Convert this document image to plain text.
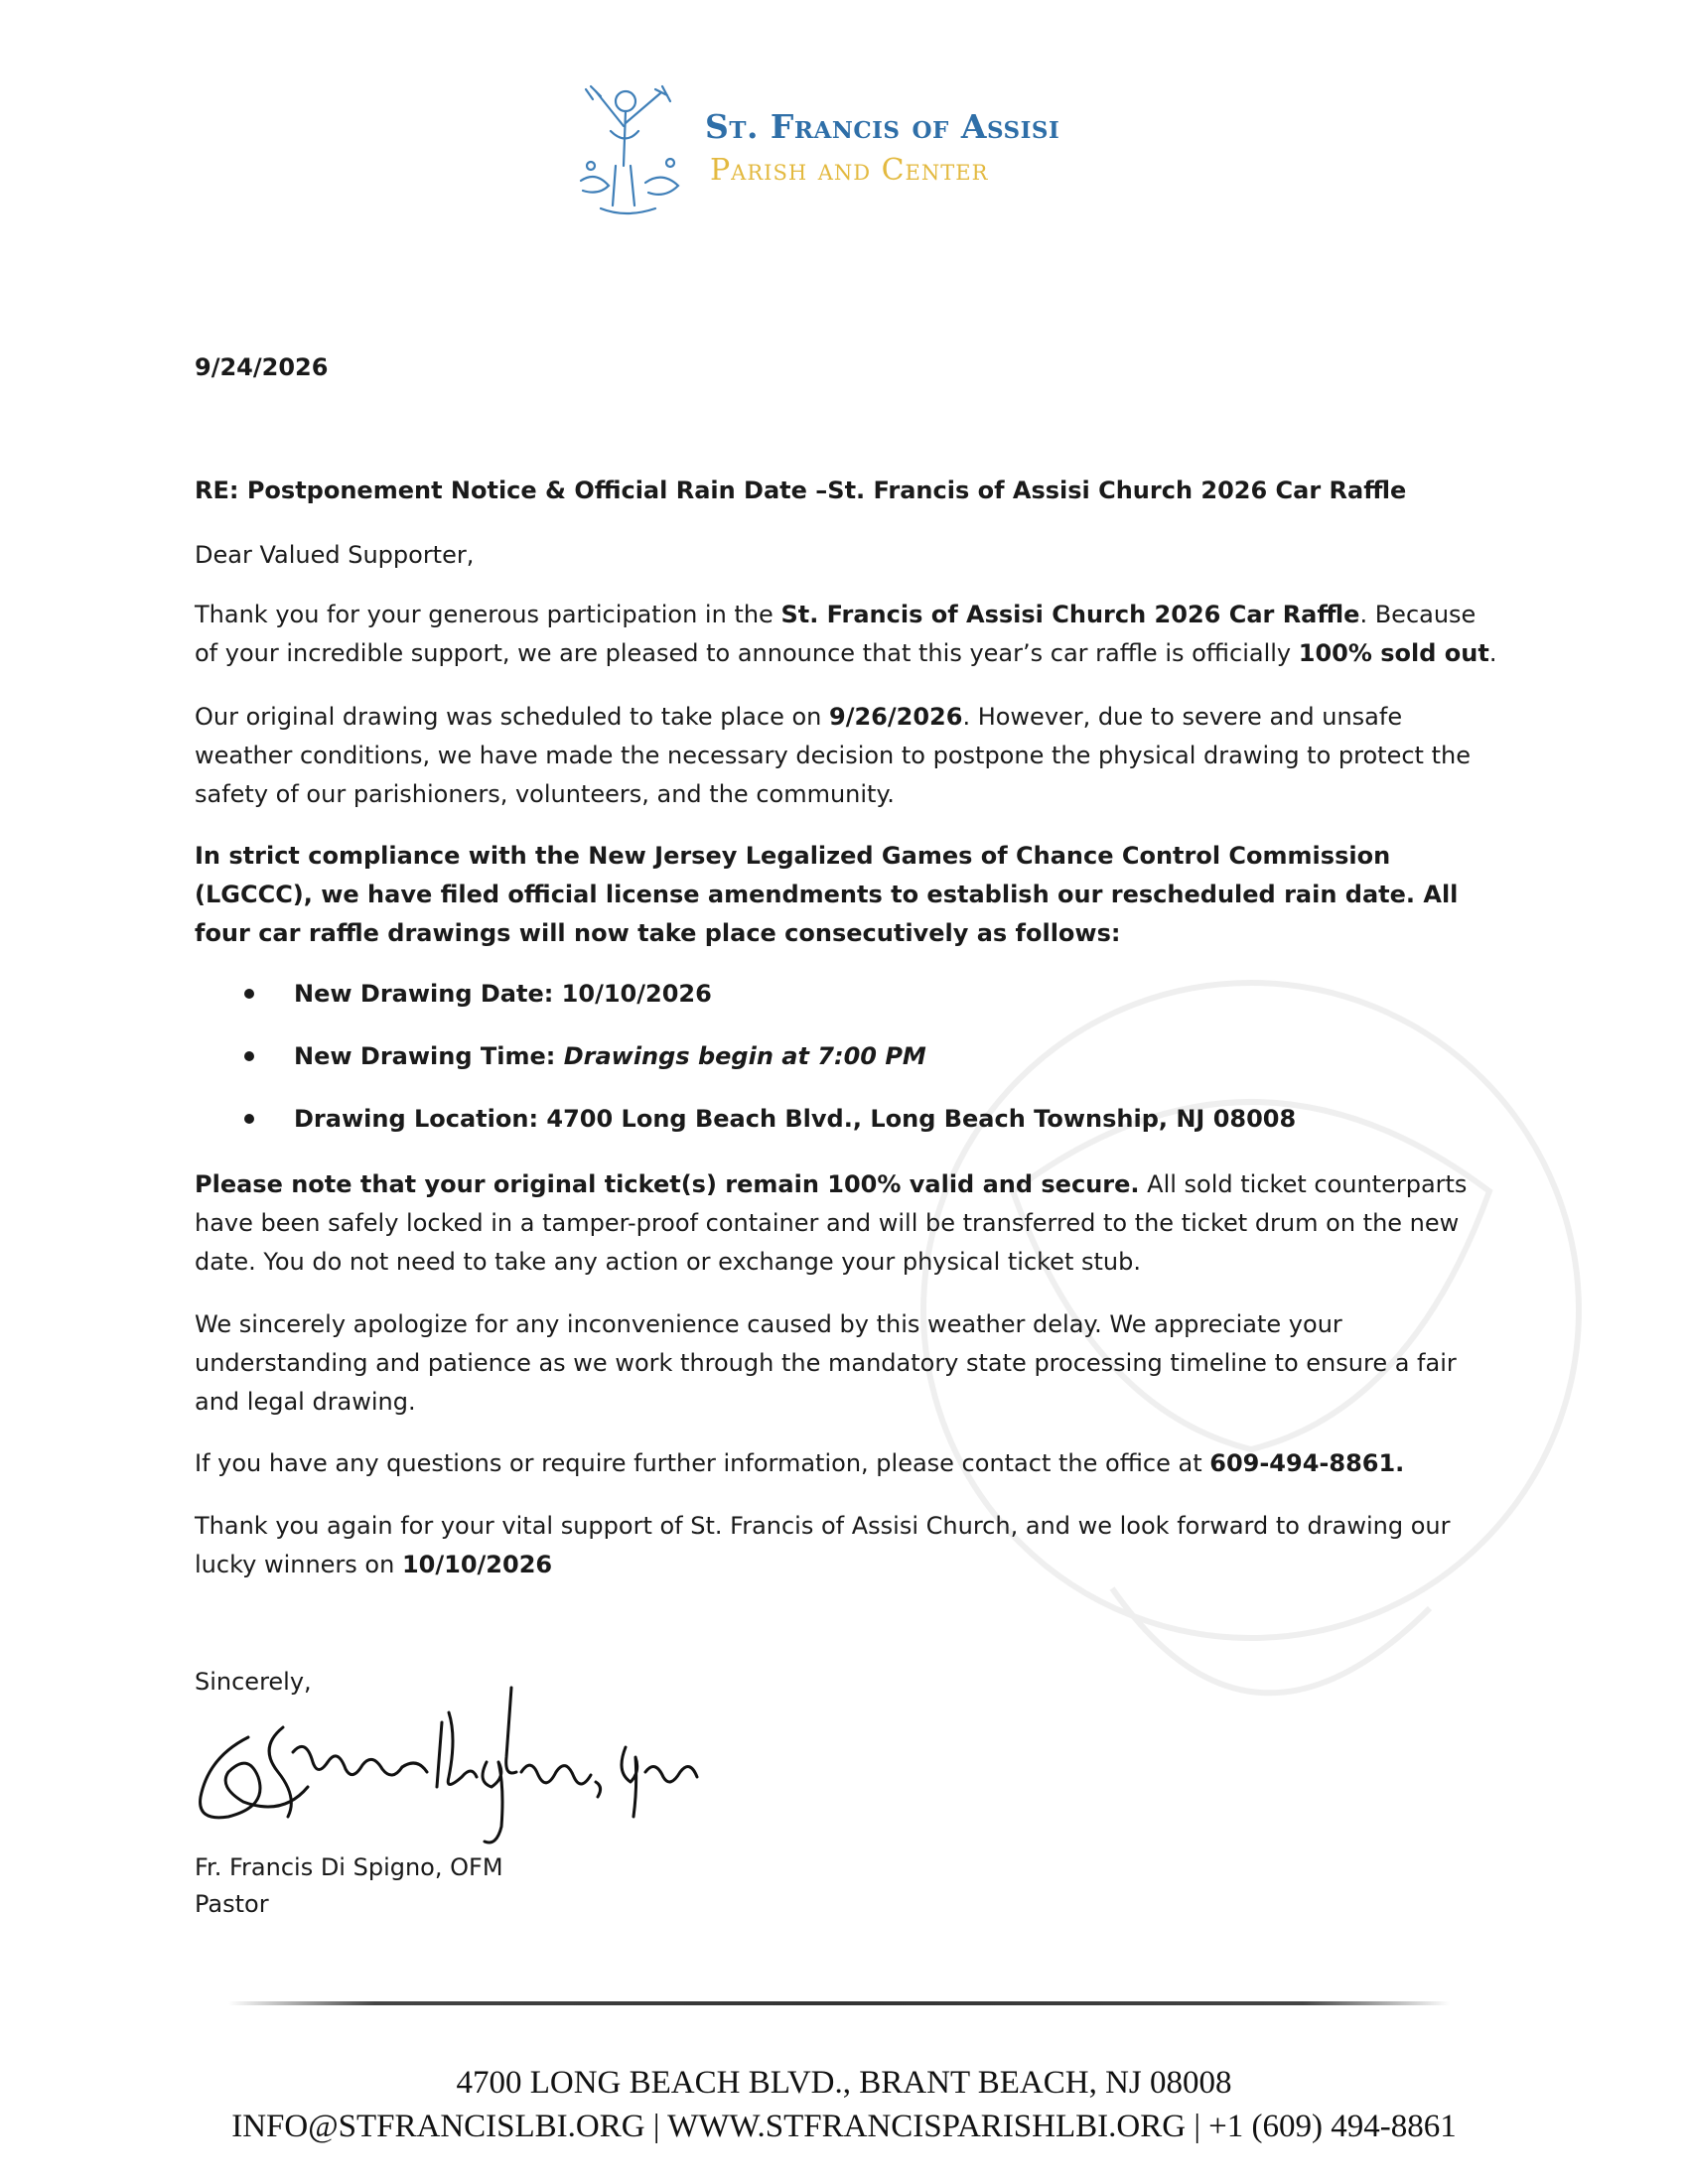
St. Francis of Assisi
Parish and Center
9/24/2026
RE: Postponement Notice & Official Rain Date –St. Francis of Assisi Church 2026 Car Raffle

Dear Valued Supporter,

Thank you for your generous participation in the St. Francis of Assisi Church 2026 Car Raffle. Because of your incredible support, we are pleased to announce that this year’s car raffle is officially 100% sold out.

Our original drawing was scheduled to take place on 9/26/2026. However, due to severe and unsafe weather conditions, we have made the necessary decision to postpone the physical drawing to protect the safety of our parishioners, volunteers, and the community.

In strict compliance with the New Jersey Legalized Games of Chance Control Commission (LGCCC), we have filed official license amendments to establish our rescheduled rain date. All four car raffle drawings will now take place consecutively as follows:

New Drawing Date: 10/10/2026
New Drawing Time: Drawings begin at 7:00 PM
Drawing Location: 4700 Long Beach Blvd., Long Beach Township, NJ 08008

Please note that your original ticket(s) remain 100% valid and secure. All sold ticket counterparts have been safely locked in a tamper-proof container and will be transferred to the ticket drum on the new date. You do not need to take any action or exchange your physical ticket stub.

We sincerely apologize for any inconvenience caused by this weather delay. We appreciate your understanding and patience as we work through the mandatory state processing timeline to ensure a fair and legal drawing.

If you have any questions or require further information, please contact the office at 609-494-8861.

Thank you again for your vital support of St. Francis of Assisi Church, and we look forward to drawing our lucky winners on 10/10/2026

Sincerely,
Fr. Francis Di Spigno, OFM
Pastor
4700 LONG BEACH BLVD., BRANT BEACH, NJ 08008
INFO@STFRANCISLBI.ORG | WWW.STFRANCISPARISHLBI.ORG | +1 (609) 494-8861
